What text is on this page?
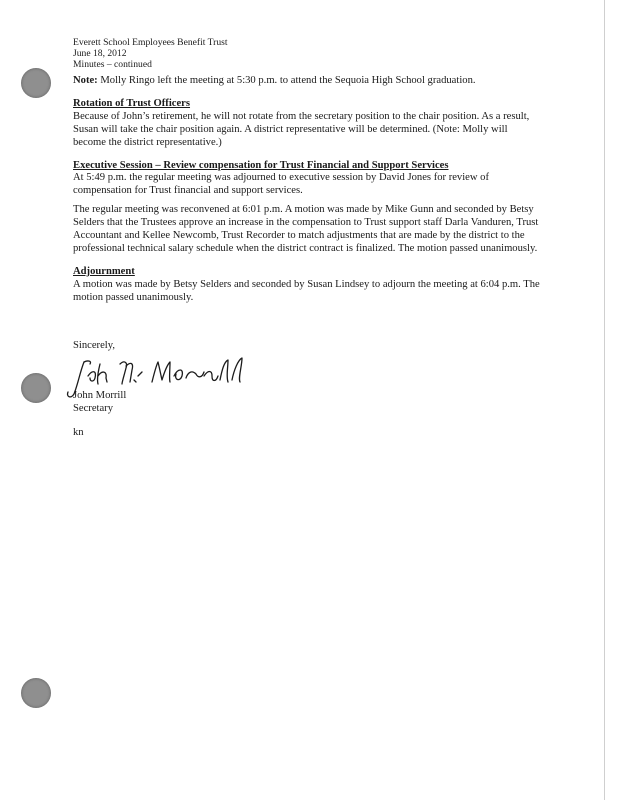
Everett School Employees Benefit Trust
June 18, 2012
Minutes – continued

Note: Molly Ringo left the meeting at 5:30 p.m. to attend the Sequoia High School graduation.

Rotation of Trust Officers

Because of John’s retirement, he will not rotate from the secretary position to the chair position. As a result, Susan will take the chair position again. A district representative will be determined. (Note: Molly will become the district representative.)

Executive Session – Review compensation for Trust Financial and Support Services

At 5:49 p.m. the regular meeting was adjourned to executive session by David Jones for review of compensation for Trust financial and support services.

The regular meeting was reconvened at 6:01 p.m. A motion was made by Mike Gunn and seconded by Betsy Selders that the Trustees approve an increase in the compensation to Trust support staff Darla Vanduren, Trust Accountant and Kellee Newcomb, Trust Recorder to match adjustments that are made by the district to the professional technical salary schedule when the district contract is finalized. The motion passed unanimously.

Adjournment

A motion was made by Betsy Selders and seconded by Susan Lindsey to adjourn the meeting at 6:04 p.m. The motion passed unanimously.

Sincerely,
John Morrill
Secretary
kn
